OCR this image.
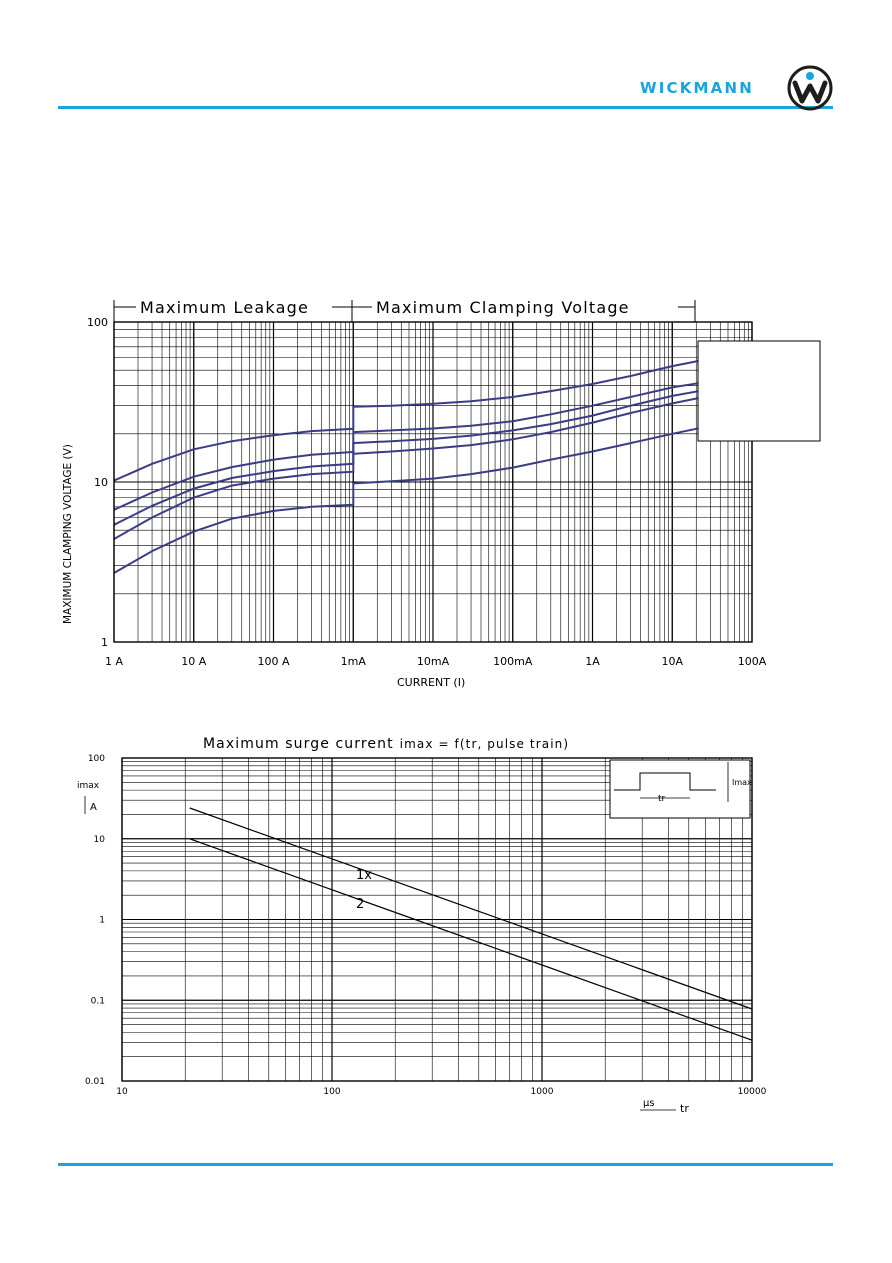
WICKMANN
Maximum Leakage	Maximum Clamping Voltage
1 A	10 A	100 A	1mA	10mA	100mA	1A	10A	100A
1
10
100
CURRENT (I)
MAXIMUM CLAMPING VOLTAGE (V)
tr
Imax
1x
2
Maximum surge current imax = f(tr, pulse train)
10	100	1000	10000
0.01
0.1
1
10
100
imax
A
μs tr
